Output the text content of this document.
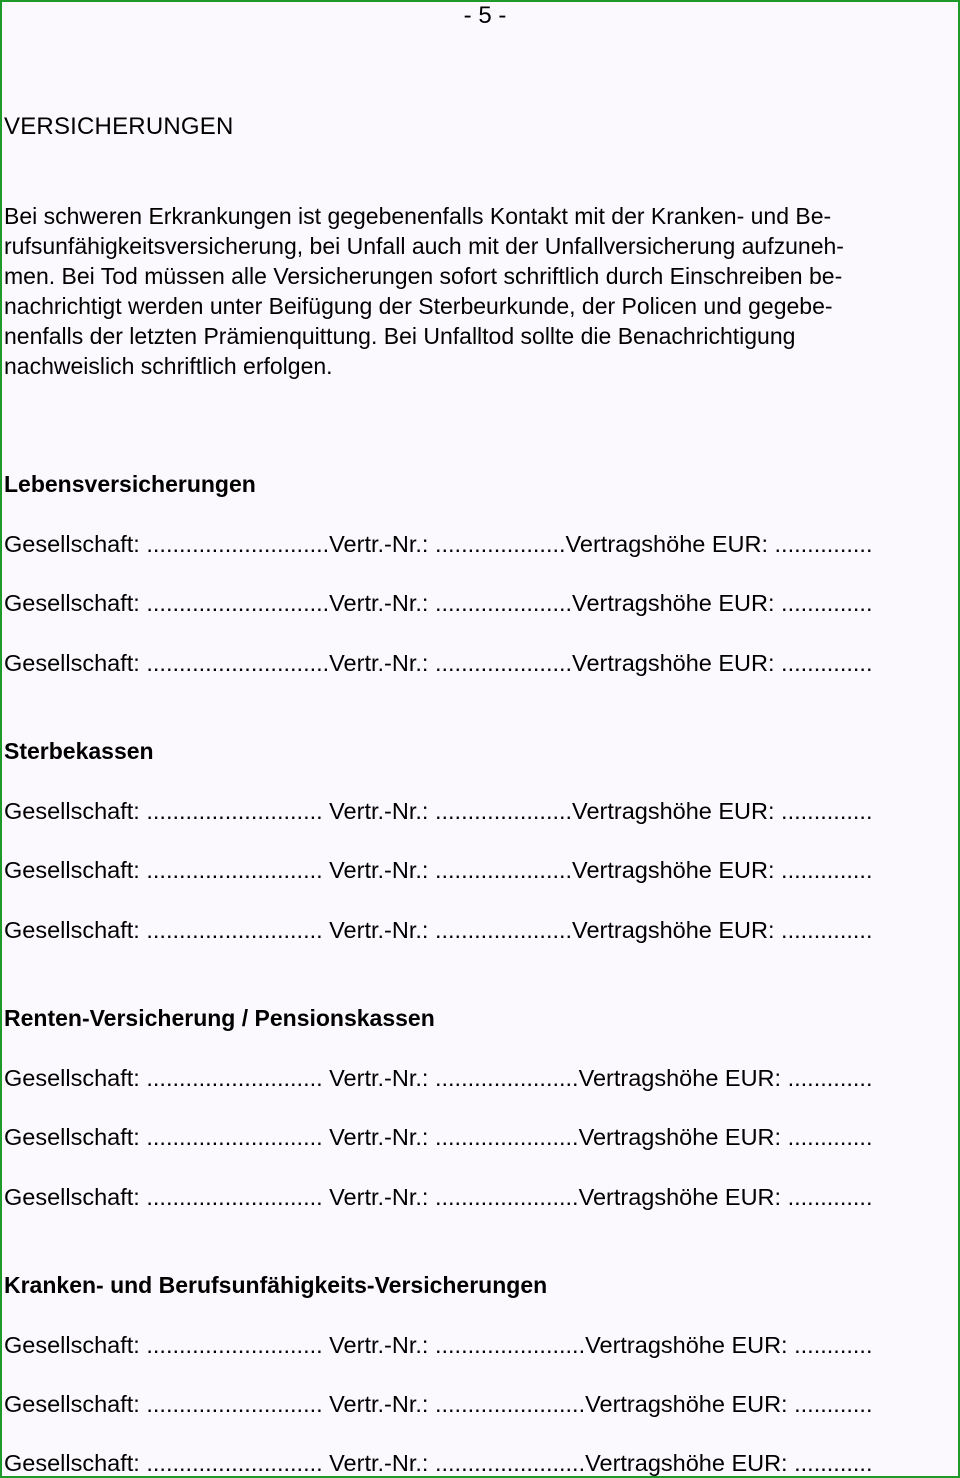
- 5 -
VERSICHERUNGEN

Bei schweren Erkrankungen ist gegebenenfalls Kontakt mit der Kranken- und Be-
rufsunfähigkeitsversicherung, bei Unfall auch mit der Unfallversicherung aufzuneh-
men. Bei Tod müssen alle Versicherungen sofort schriftlich durch Einschreiben be-
nachrichtigt werden unter Beifügung der Sterbeurkunde, der Policen und gegebe-
nenfalls der letzten Prämienquittung. Bei Unfalltod sollte die Benachrichtigung
nachweislich schriftlich erfolgen.

Lebensversicherungen
Gesellschaft: ............................Vertr.-Nr.: ....................Vertragshöhe EUR: ...............
Gesellschaft: ............................Vertr.-Nr.: .....................Vertragshöhe EUR: ..............
Gesellschaft: ............................Vertr.-Nr.: .....................Vertragshöhe EUR: ..............
Sterbekassen
Gesellschaft: ........................... Vertr.-Nr.: .....................Vertragshöhe EUR: ..............
Gesellschaft: ........................... Vertr.-Nr.: .....................Vertragshöhe EUR: ..............
Gesellschaft: ........................... Vertr.-Nr.: .....................Vertragshöhe EUR: ..............
Renten-Versicherung / Pensionskassen
Gesellschaft: ........................... Vertr.-Nr.: ......................Vertragshöhe EUR: .............
Gesellschaft: ........................... Vertr.-Nr.: ......................Vertragshöhe EUR: .............
Gesellschaft: ........................... Vertr.-Nr.: ......................Vertragshöhe EUR: .............
Kranken- und Berufsunfähigkeits-Versicherungen
Gesellschaft: ........................... Vertr.-Nr.: .......................Vertragshöhe EUR: ............
Gesellschaft: ........................... Vertr.-Nr.: .......................Vertragshöhe EUR: ............
Gesellschaft: ........................... Vertr.-Nr.: .......................Vertragshöhe EUR: ............
